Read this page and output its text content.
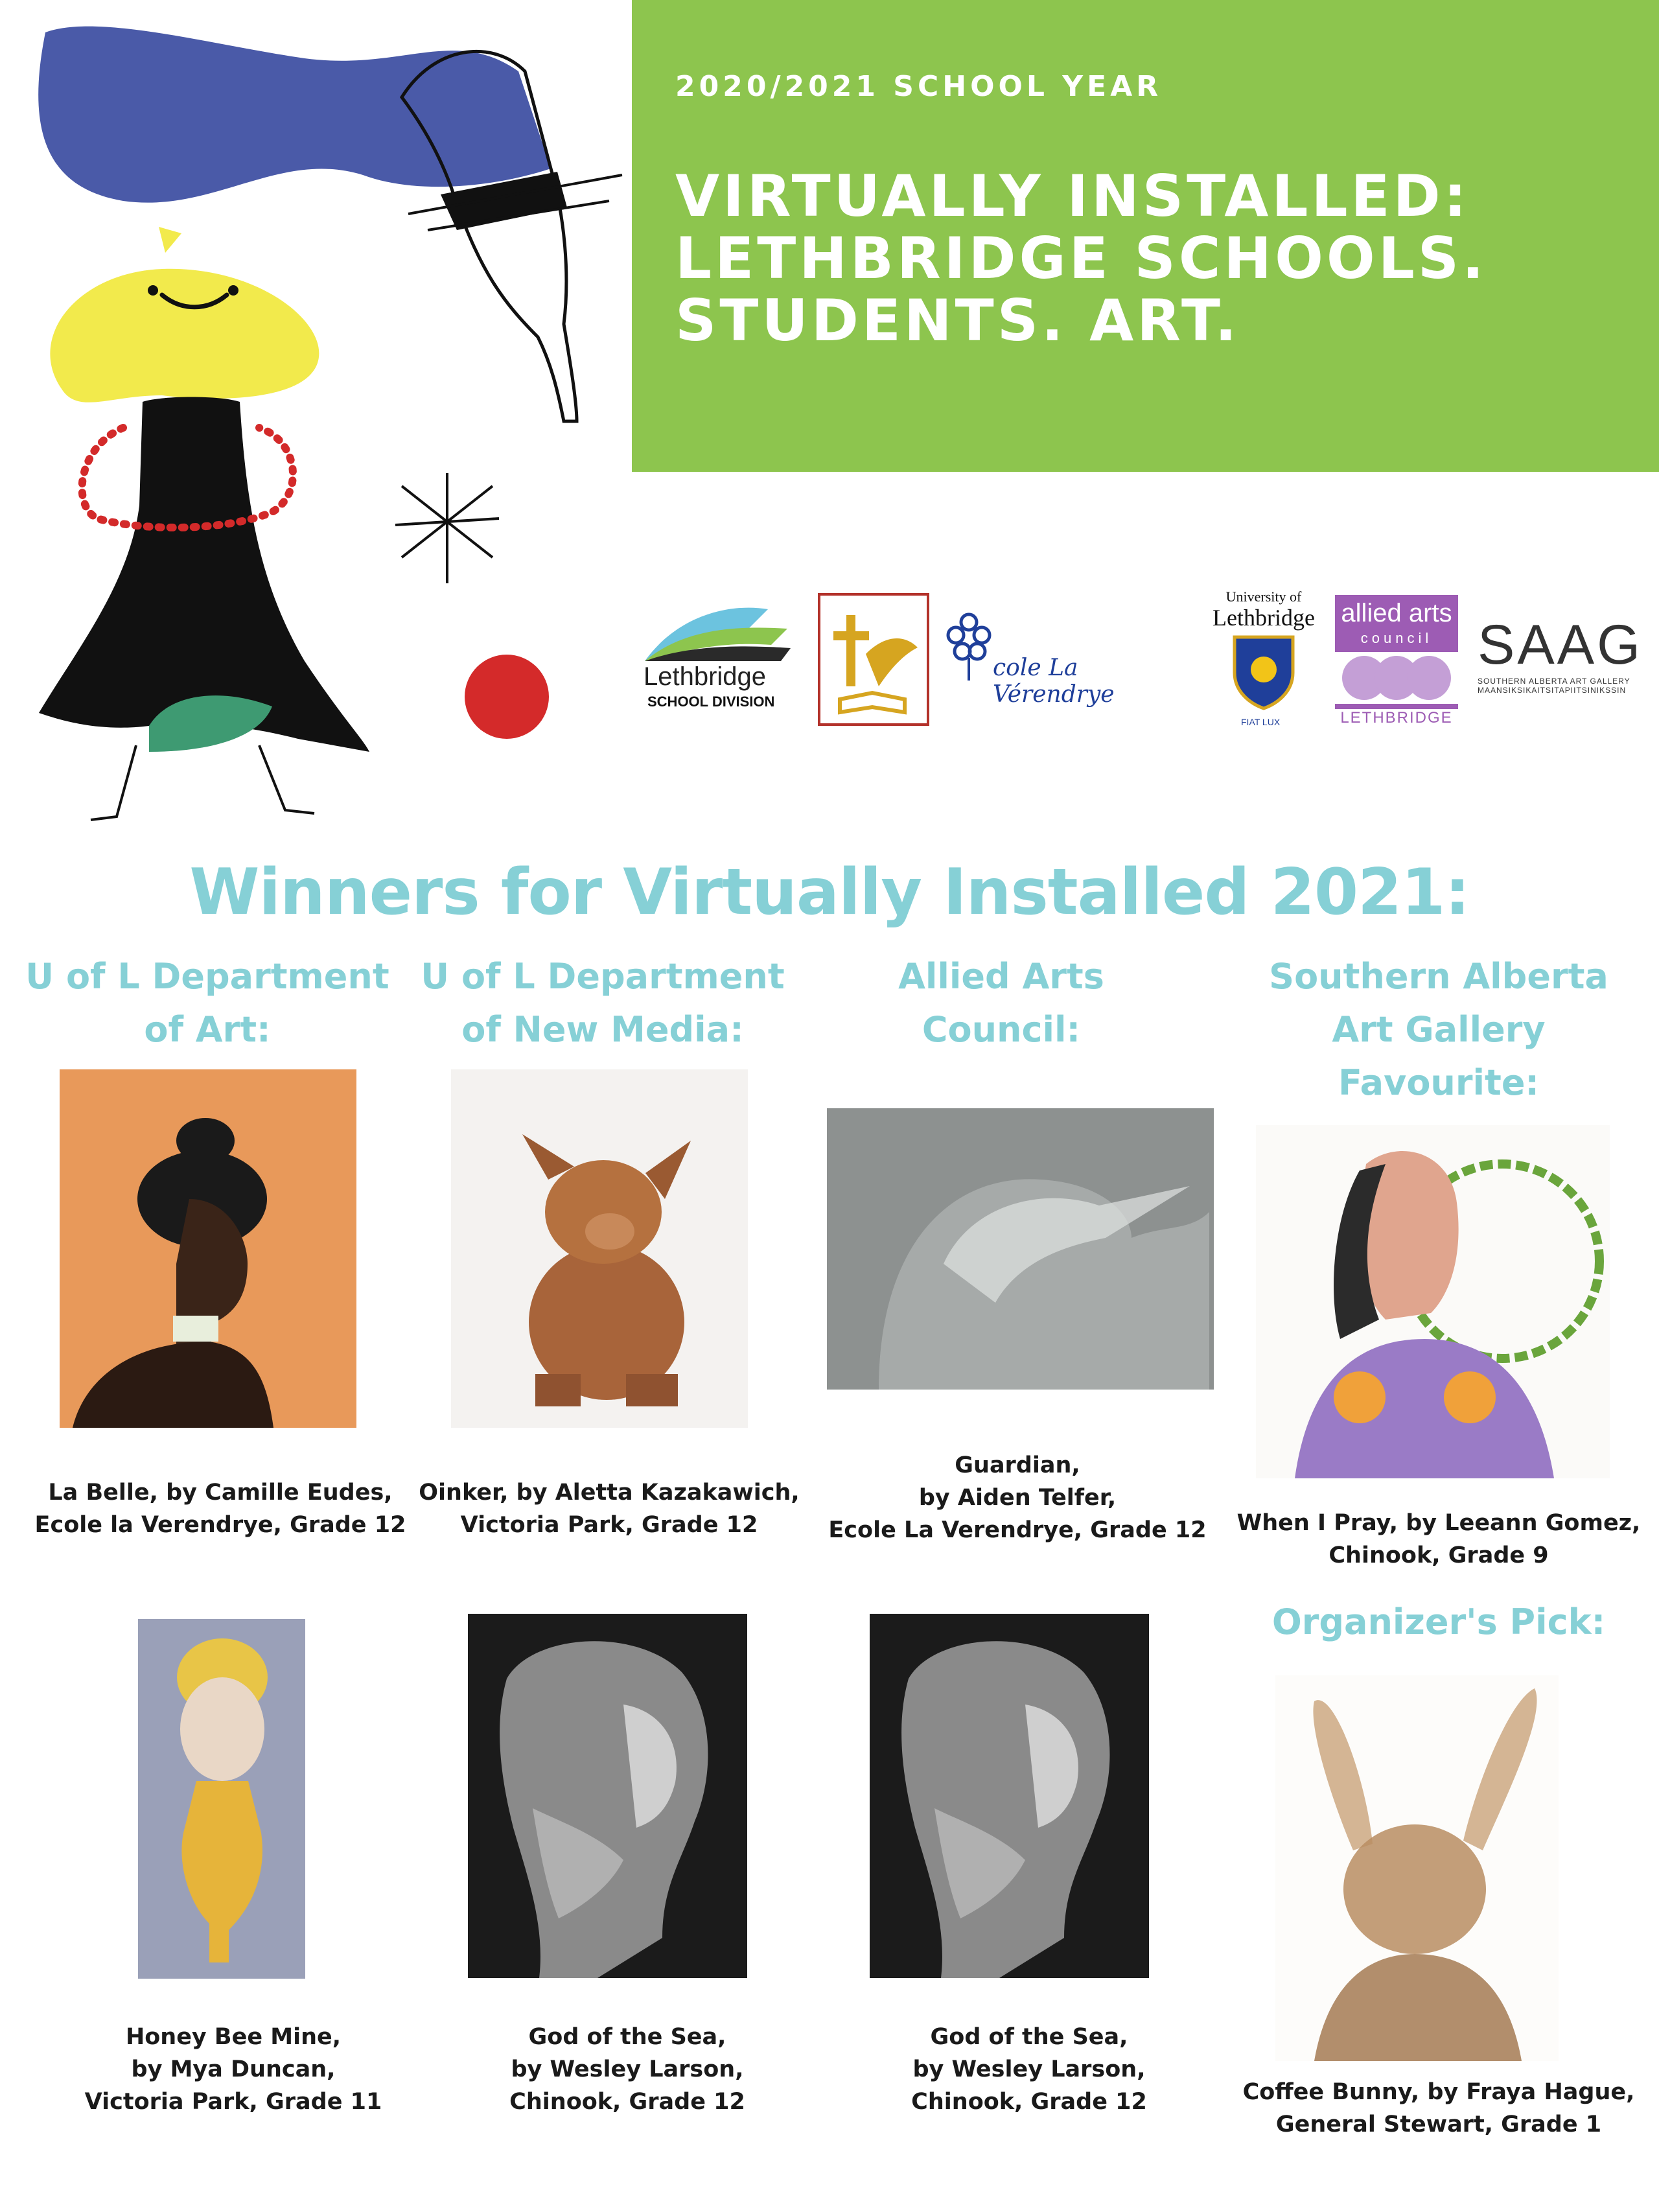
2020/2021 SCHOOL YEAR
VIRTUALLY INSTALLED:
LETHBRIDGE SCHOOLS.
STUDENTS. ART.
Lethbridge
SCHOOL DIVISION
cole La Vérendrye
University of
Lethbridge
FIAT LUX
allied arts
council
LETHBRIDGE
SAAG
SOUTHERN ALBERTA ART GALLERY
MAANSIKSIKAITSITAPIITSINIKSSIN
Winners for Virtually Installed 2021:
U of L Department
of Art:
U of L Department
of New Media:
Allied Arts
Council:
Southern Alberta
Art Gallery
Favourite:
La Belle, by Camille Eudes,
Ecole la Verendrye, Grade 12
Oinker, by Aletta Kazakawich,
Victoria Park, Grade 12
Guardian,
by Aiden Telfer,
Ecole La Verendrye, Grade 12	When I Pray, by Leeann Gomez,
Chinook, Grade 9
Organizer's Pick:
Honey Bee Mine,
by Mya Duncan,
Victoria Park, Grade 11
God of the Sea,
by Wesley Larson,
Chinook, Grade 12
God of the Sea,
by Wesley Larson,
Chinook, Grade 12	Coffee Bunny, by Fraya Hague,
General Stewart, Grade 1
